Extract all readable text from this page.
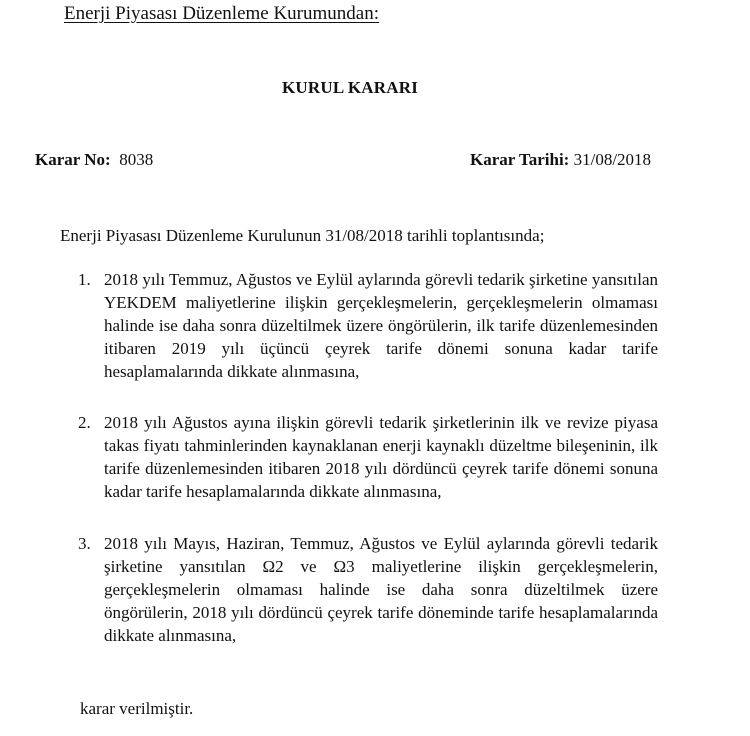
Enerji Piyasası Düzenleme Kurumundan:
KURUL KARARI
Karar No: 8038	Karar Tarihi: 31/08/2018
Enerji Piyasası Düzenleme Kurulunun 31/08/2018 tarihli toplantısında;
1. 2018 yılı Temmuz, Ağustos ve Eylül aylarında görevli tedarik şirketine yansıtılan YEKDEM maliyetlerine ilişkin gerçekleşmelerin, gerçekleşmelerin olmaması halinde ise daha sonra düzeltilmek üzere öngörülerin, ilk tarife düzenlemesinden itibaren 2019 yılı üçüncü çeyrek tarife dönemi sonuna kadar tarife hesaplamalarında dikkate alınmasına,
2. 2018 yılı Ağustos ayına ilişkin görevli tedarik şirketlerinin ilk ve revize piyasa takas fiyatı tahminlerinden kaynaklanan enerji kaynaklı düzeltme bileşeninin, ilk tarife düzenlemesinden itibaren 2018 yılı dördüncü çeyrek tarife dönemi sonuna kadar tarife hesaplamalarında dikkate alınmasına,
3. 2018 yılı Mayıs, Haziran, Temmuz, Ağustos ve Eylül aylarında görevli tedarik şirketine yansıtılan Ω2 ve Ω3 maliyetlerine ilişkin gerçekleşmelerin, gerçekleşmelerin olmaması halinde ise daha sonra düzeltilmek üzere öngörülerin, 2018 yılı dördüncü çeyrek tarife döneminde tarife hesaplamalarında dikkate alınmasına,
karar verilmiştir.
